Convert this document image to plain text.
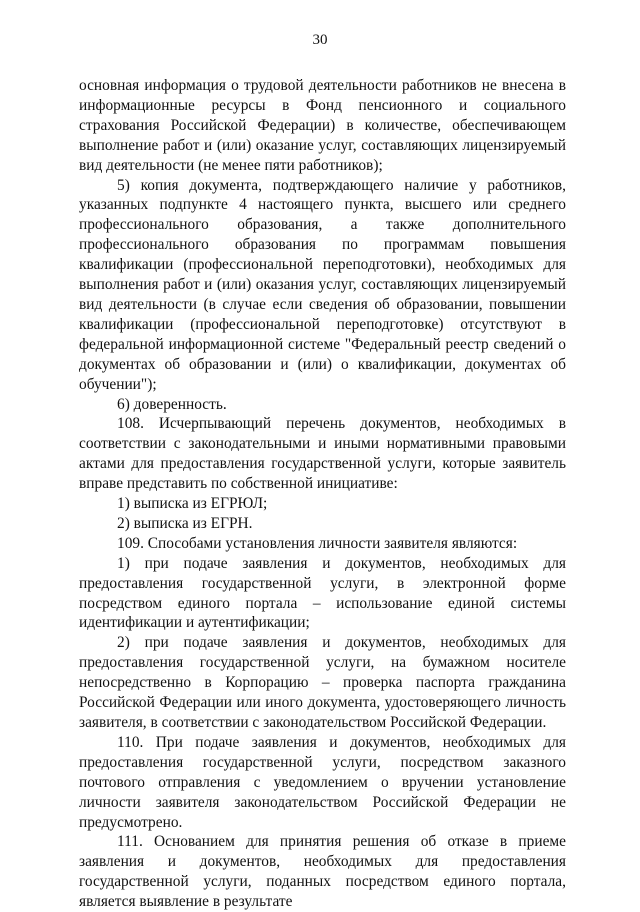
30

основная информация о трудовой деятельности работников не внесена в информационные ресурсы в Фонд пенсионного и социального страхования Российской Федерации) в количестве, обеспечивающем выполнение работ и (или) оказание услуг, составляющих лицензируемый вид деятельности (не менее пяти работников);

5) копия документа, подтверждающего наличие у работников, указанных подпункте 4 настоящего пункта, высшего или среднего профессионального образования, а также дополнительного профессионального образования по программам повышения квалификации (профессиональной переподготовки), необходимых для выполнения работ и (или) оказания услуг, составляющих лицензируемый вид деятельности (в случае если сведения об образовании, повышении квалификации (профессиональной переподготовке) отсутствуют в федеральной информационной системе "Федеральный реестр сведений о документах об образовании и (или) о квалификации, документах об обучении");

6) доверенность.

108. Исчерпывающий перечень документов, необходимых в соответствии с законодательными и иными нормативными правовыми актами для предоставления государственной услуги, которые заявитель вправе представить по собственной инициативе:

1) выписка из ЕГРЮЛ;

2) выписка из ЕГРН.

109. Способами установления личности заявителя являются:

1) при подаче заявления и документов, необходимых для предоставления государственной услуги, в электронной форме посредством единого портала – использование единой системы идентификации и аутентификации;

2) при подаче заявления и документов, необходимых для предоставления государственной услуги, на бумажном носителе непосредственно в Корпорацию – проверка паспорта гражданина Российской Федерации или иного документа, удостоверяющего личность заявителя, в соответствии с законодательством Российской Федерации.

110. При подаче заявления и документов, необходимых для предоставления государственной услуги, посредством заказного почтового отправления с уведомлением о вручении установление личности заявителя законодательством Российской Федерации не предусмотрено.

111. Основанием для принятия решения об отказе в приеме заявления и документов, необходимых для предоставления государственной услуги, поданных посредством единого портала, является выявление в результате
